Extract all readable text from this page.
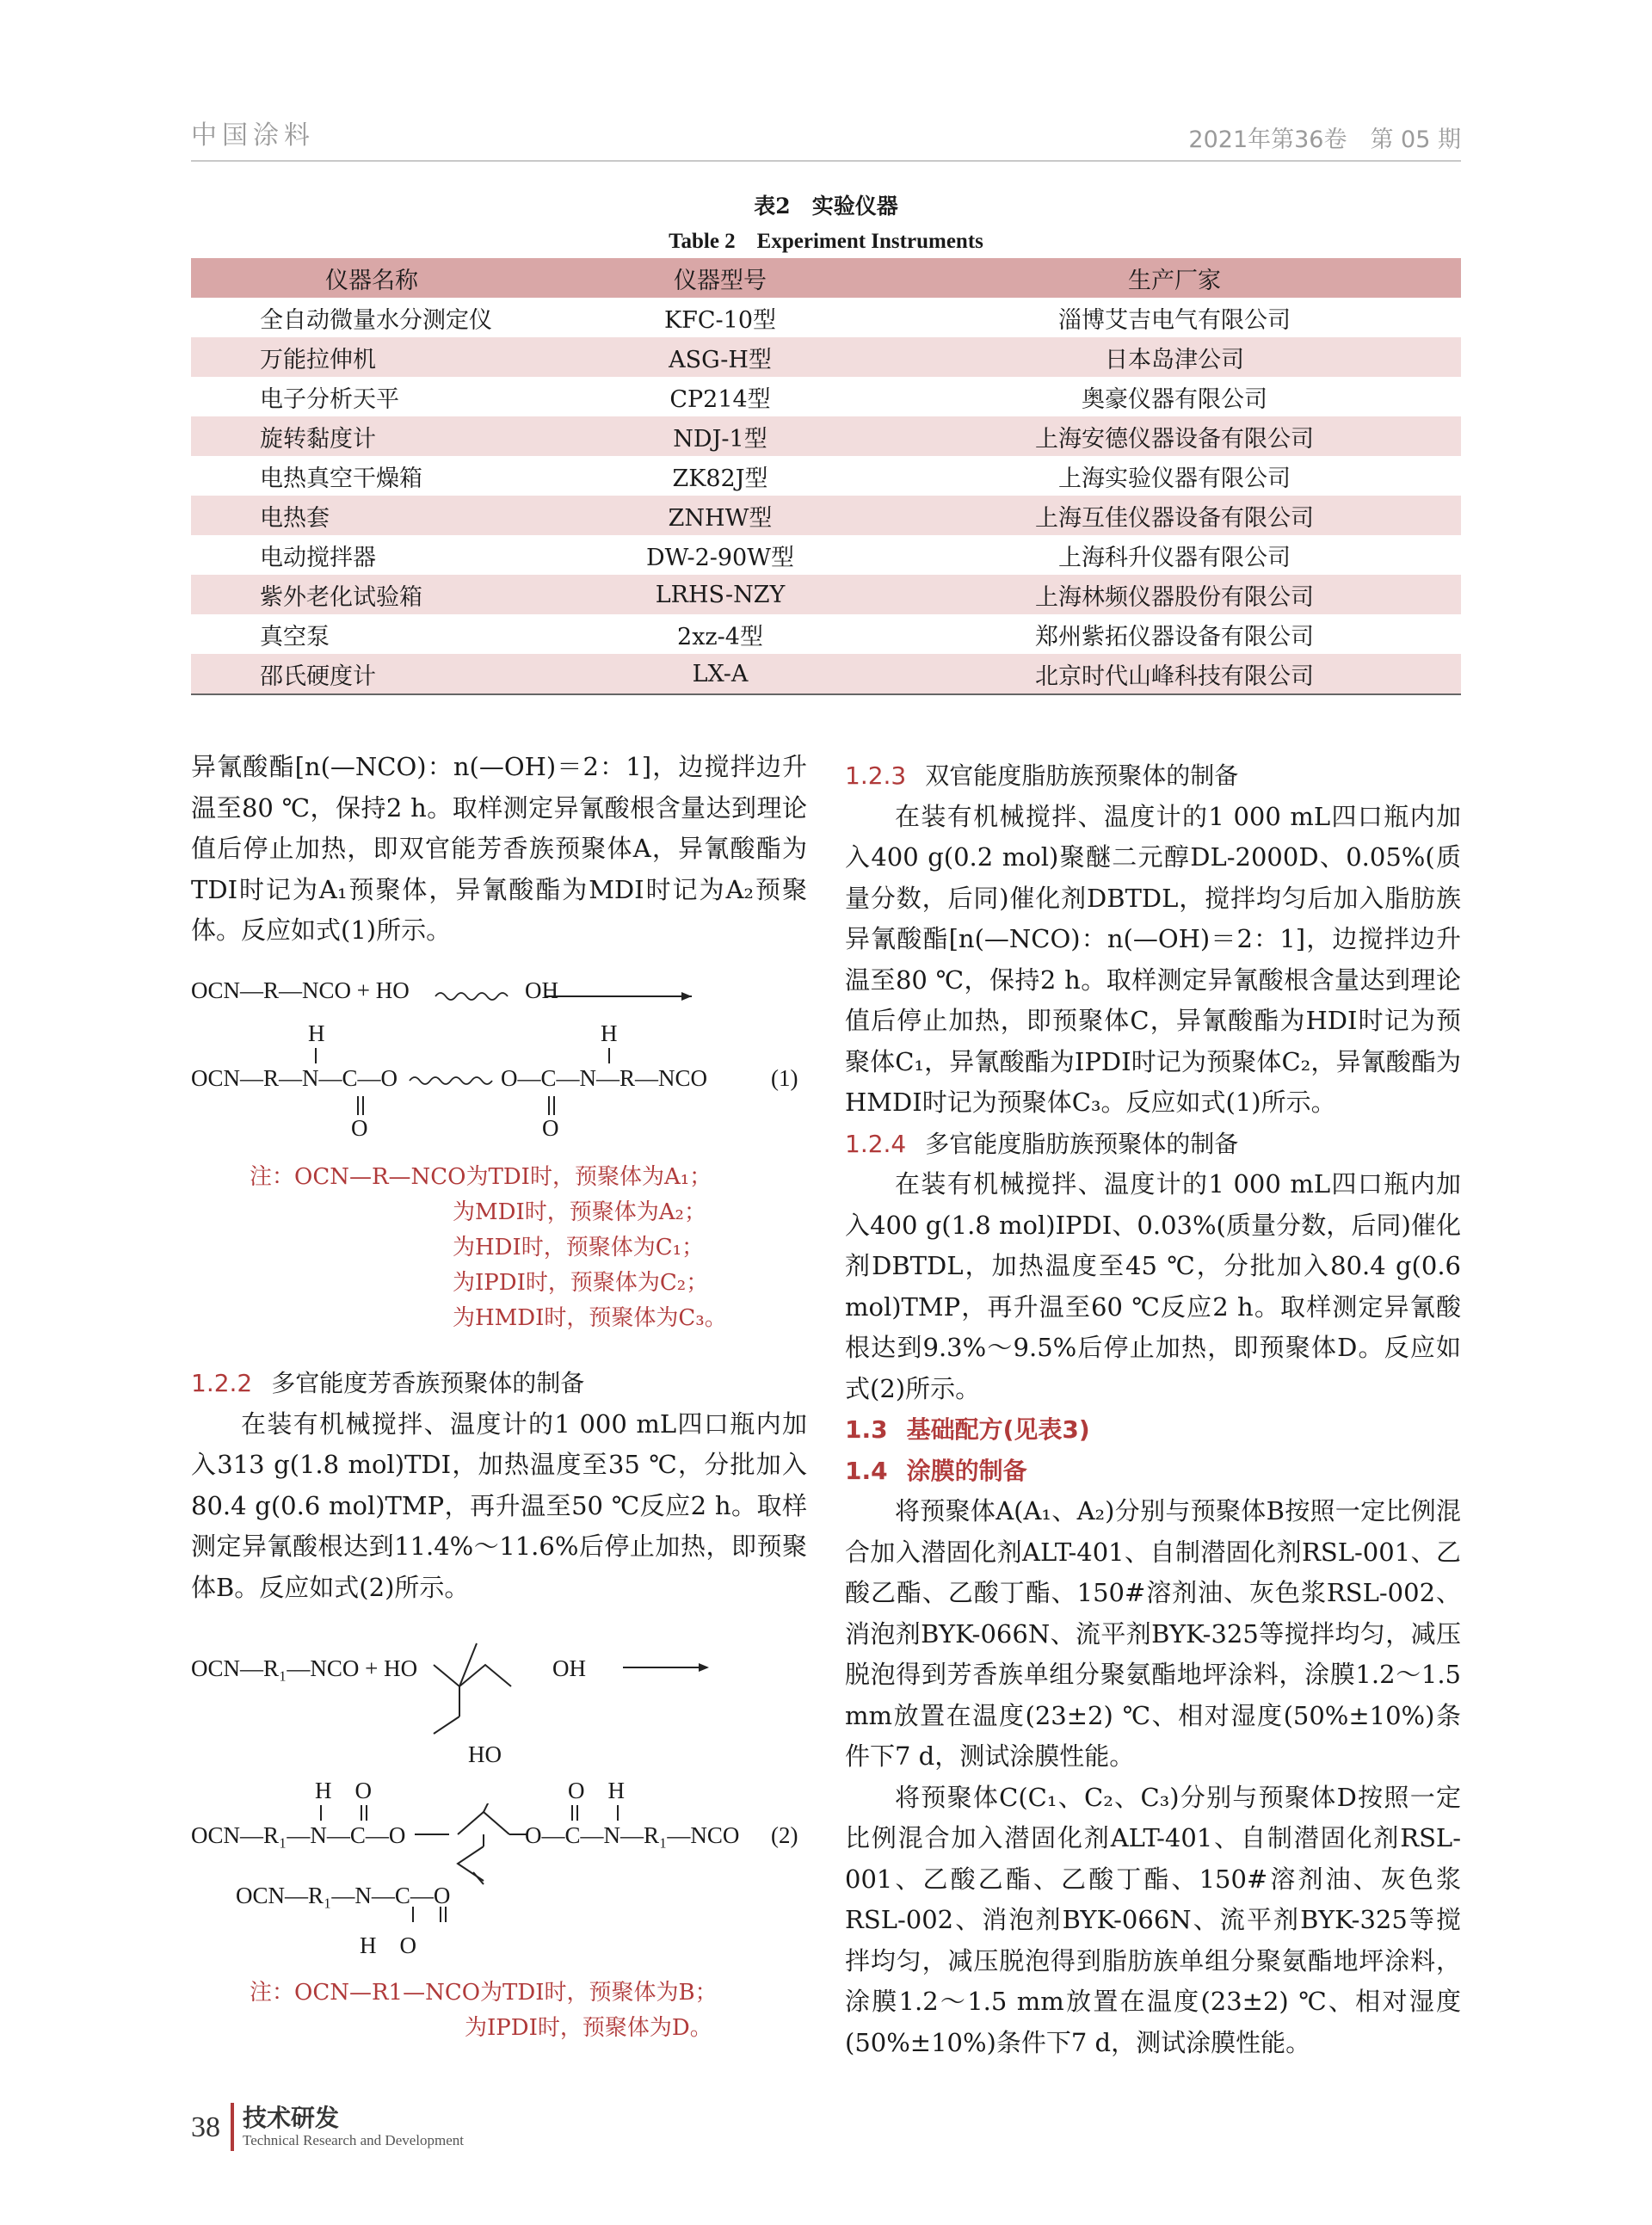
中国涂料	2021年第36卷　第 05 期
表2　实验仪器
Table 2　Experiment Instruments
仪器名称	仪器型号	生产厂家
全自动微量水分测定仪	KFC-10型	淄博艾吉电气有限公司
万能拉伸机	ASG-H型	日本岛津公司
电子分析天平	CP214型	奥豪仪器有限公司
旋转黏度计	NDJ-1型	上海安德仪器设备有限公司
电热真空干燥箱	ZK82J型	上海实验仪器有限公司
电热套	ZNHW型	上海互佳仪器设备有限公司
电动搅拌器	DW-2-90W型	上海科升仪器有限公司
紫外老化试验箱	LRHS-NZY	上海林频仪器股份有限公司
真空泵	2xz-4型	郑州紫拓仪器设备有限公司
邵氏硬度计	LX-A	北京时代山峰科技有限公司

异氰酸酯[n(—NCO)：n(—OH)＝2：1]，边搅拌边升温至80 ℃，保持2 h。取样测定异氰酸根含量达到理论值后停止加热，即双官能芳香族预聚体A，异氰酸酯为TDI时记为A₁预聚体，异氰酸酯为MDI时记为A₂预聚体。反应如式(1)所示。

OCN—R—NCO + HO	OH
H	H
OCN—R—N—C—O	O—C—N—R—NCO
O	O
(1)
注：OCN—R—NCO为TDI时，预聚体为A₁；
为MDI时，预聚体为A₂；
为HDI时，预聚体为C₁；
为IPDI时，预聚体为C₂；
为HMDI时，预聚体为C₃。

1.2.2 多官能度芳香族预聚体的制备

在装有机械搅拌、温度计的1 000 mL四口瓶内加入313 g(1.8 mol)TDI，加热温度至35 ℃，分批加入80.4 g(0.6 mol)TMP，再升温至50 ℃反应2 h。取样测定异氰酸根达到11.4%～11.6%后停止加热，即预聚体B。反应如式(2)所示。

OCN—R₁—NCO + HO	OH
HO
H    O	O    H
OCN—R₁—N—C—O	O—C—N—R₁—NCO (2)
OCN—R₁—N—C—O
H    O
注：OCN—R1—NCO为TDI时，预聚体为B；
为IPDI时，预聚体为D。

1.2.3 双官能度脂肪族预聚体的制备

在装有机械搅拌、温度计的1 000 mL四口瓶内加入400 g(0.2 mol)聚醚二元醇DL-2000D、0.05%(质量分数，后同)催化剂DBTDL，搅拌均匀后加入脂肪族异氰酸酯[n(—NCO)：n(—OH)＝2：1]，边搅拌边升温至80 ℃，保持2 h。取样测定异氰酸根含量达到理论值后停止加热，即预聚体C，异氰酸酯为HDI时记为预聚体C₁，异氰酸酯为IPDI时记为预聚体C₂，异氰酸酯为HMDI时记为预聚体C₃。反应如式(1)所示。

1.2.4 多官能度脂肪族预聚体的制备

在装有机械搅拌、温度计的1 000 mL四口瓶内加入400 g(1.8 mol)IPDI、0.03%(质量分数，后同)催化剂DBTDL，加热温度至45 ℃，分批加入80.4 g(0.6 mol)TMP，再升温至60 ℃反应2 h。取样测定异氰酸根达到9.3%～9.5%后停止加热，即预聚体D。反应如式(2)所示。

1.3 基础配方(见表3)

1.4 涂膜的制备

将预聚体A(A₁、A₂)分别与预聚体B按照一定比例混合加入潜固化剂ALT-401、自制潜固化剂RSL-001、乙酸乙酯、乙酸丁酯、150#溶剂油、灰色浆RSL-002、消泡剂BYK-066N、流平剂BYK-325等搅拌均匀，减压脱泡得到芳香族单组分聚氨酯地坪涂料，涂膜1.2～1.5 mm放置在温度(23±2) ℃、相对湿度(50%±10%)条件下7 d，测试涂膜性能。

将预聚体C(C₁、C₂、C₃)分别与预聚体D按照一定比例混合加入潜固化剂ALT-401、自制潜固化剂RSL-001、乙酸乙酯、乙酸丁酯、150#溶剂油、灰色浆RSL-002、消泡剂BYK-066N、流平剂BYK-325等搅拌均匀，减压脱泡得到脂肪族单组分聚氨酯地坪涂料，涂膜1.2～1.5 mm放置在温度(23±2) ℃、相对湿度(50%±10%)条件下7 d，测试涂膜性能。

38 技术研发
Technical Research and Development
